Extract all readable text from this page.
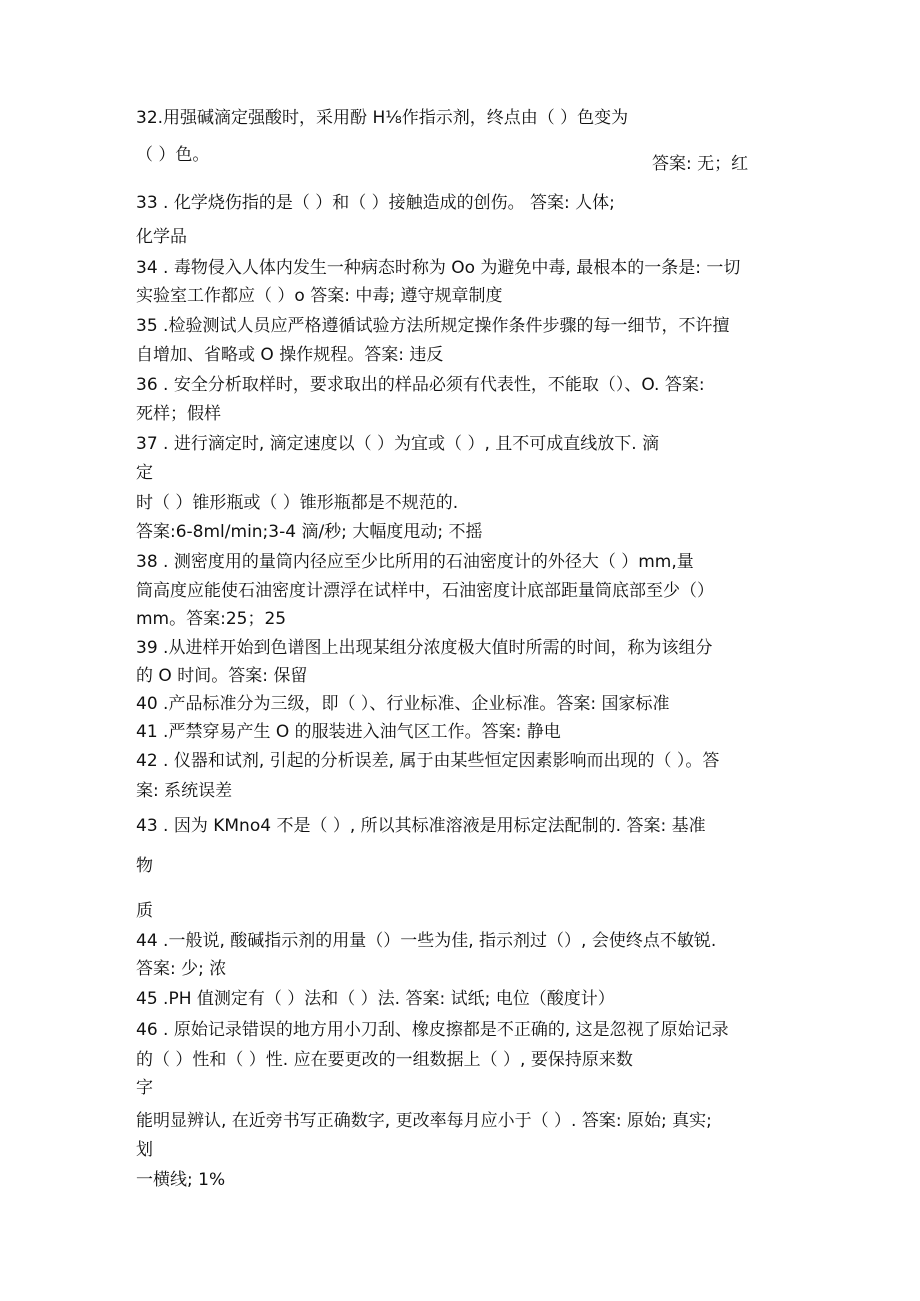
32.用强碱滴定强酸时，采用酚 H⅛作指示剂，终点由（ ）色变为
（ ）色。	答案: 无；红
33 . 化学烧伤指的是（ ）和（ ）接触造成的创伤。 答案: 人体;
化学品
34 . 毒物侵入人体内发生一种病态时称为 Oo 为避免中毒, 最根本的一条是: 一切
实验室工作都应（ ）o 答案: 中毒; 遵守规章制度
35 .检验测试人员应严格遵循试验方法所规定操作条件步骤的每一细节，不许擅
自增加、省略或 O 操作规程。答案: 违反
36 . 安全分析取样时，要求取出的样品必须有代表性，不能取（）、O. 答案:
死样；假样
37 . 进行滴定时, 滴定速度以（ ）为宜或（ ）, 且不可成直线放下. 滴
定
时（ ）锥形瓶或（ ）锥形瓶都是不规范的.
答案:6-8ml/min;3-4 滴/秒; 大幅度甩动; 不摇
38 . 测密度用的量筒内径应至少比所用的石油密度计的外径大（ ）mm,量
筒高度应能使石油密度计漂浮在试样中，石油密度计底部距量筒底部至少（）
mm。答案:25；25
39 .从进样开始到色谱图上出现某组分浓度极大值时所需的时间，称为该组分
的 O 时间。答案: 保留
40 .产品标准分为三级，即（ ）、行业标准、企业标准。答案: 国家标准
41 .严禁穿易产生 O 的服装进入油气区工作。答案: 静电
42 . 仪器和试剂, 引起的分析误差, 属于由某些恒定因素影响而出现的（ ）。答
案: 系统误差
43 . 因为 KMno4 不是（ ）, 所以其标准溶液是用标定法配制的. 答案: 基准
物
质
44 .一般说, 酸碱指示剂的用量（）一些为佳, 指示剂过（）, 会使终点不敏锐.
答案: 少; 浓
45 .PH 值测定有（ ）法和（ ）法. 答案: 试纸; 电位（酸度计）
46 . 原始记录错误的地方用小刀刮、橡皮擦都是不正确的, 这是忽视了原始记录
的（ ）性和（ ）性. 应在要更改的一组数据上（ ）, 要保持原来数
字
能明显辨认, 在近旁书写正确数字, 更改率每月应小于（ ）. 答案: 原始; 真实;
划
一横线; 1%
